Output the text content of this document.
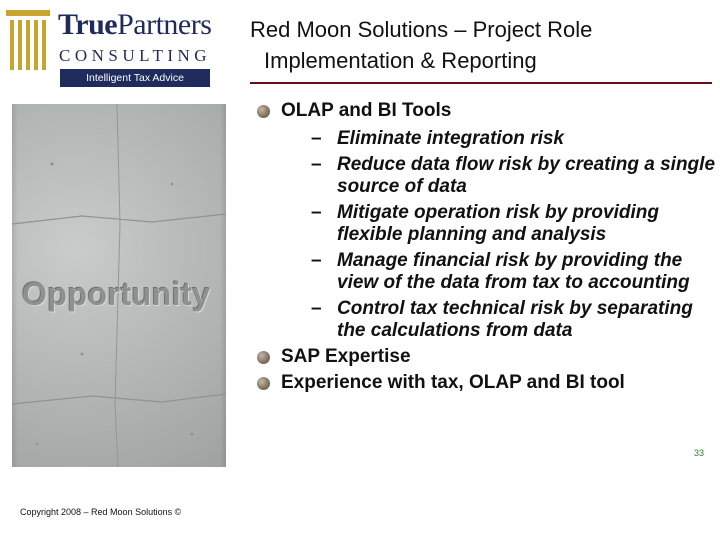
TruePartners
CONSULTING
Intelligent Tax Advice
Red Moon Solutions – Project Role
Implementation & Reporting
Opportunity
OLAP and BI Tools
– Eliminate integration risk
– Reduce data flow risk by creating a single source of data
– Mitigate operation risk by providing flexible planning and analysis
– Manage financial risk by providing the view of the data from tax to accounting
– Control tax technical risk by separating the calculations from data
SAP Expertise
Experience with tax, OLAP and BI tool
33
Copyright 2008 – Red Moon Solutions ©
